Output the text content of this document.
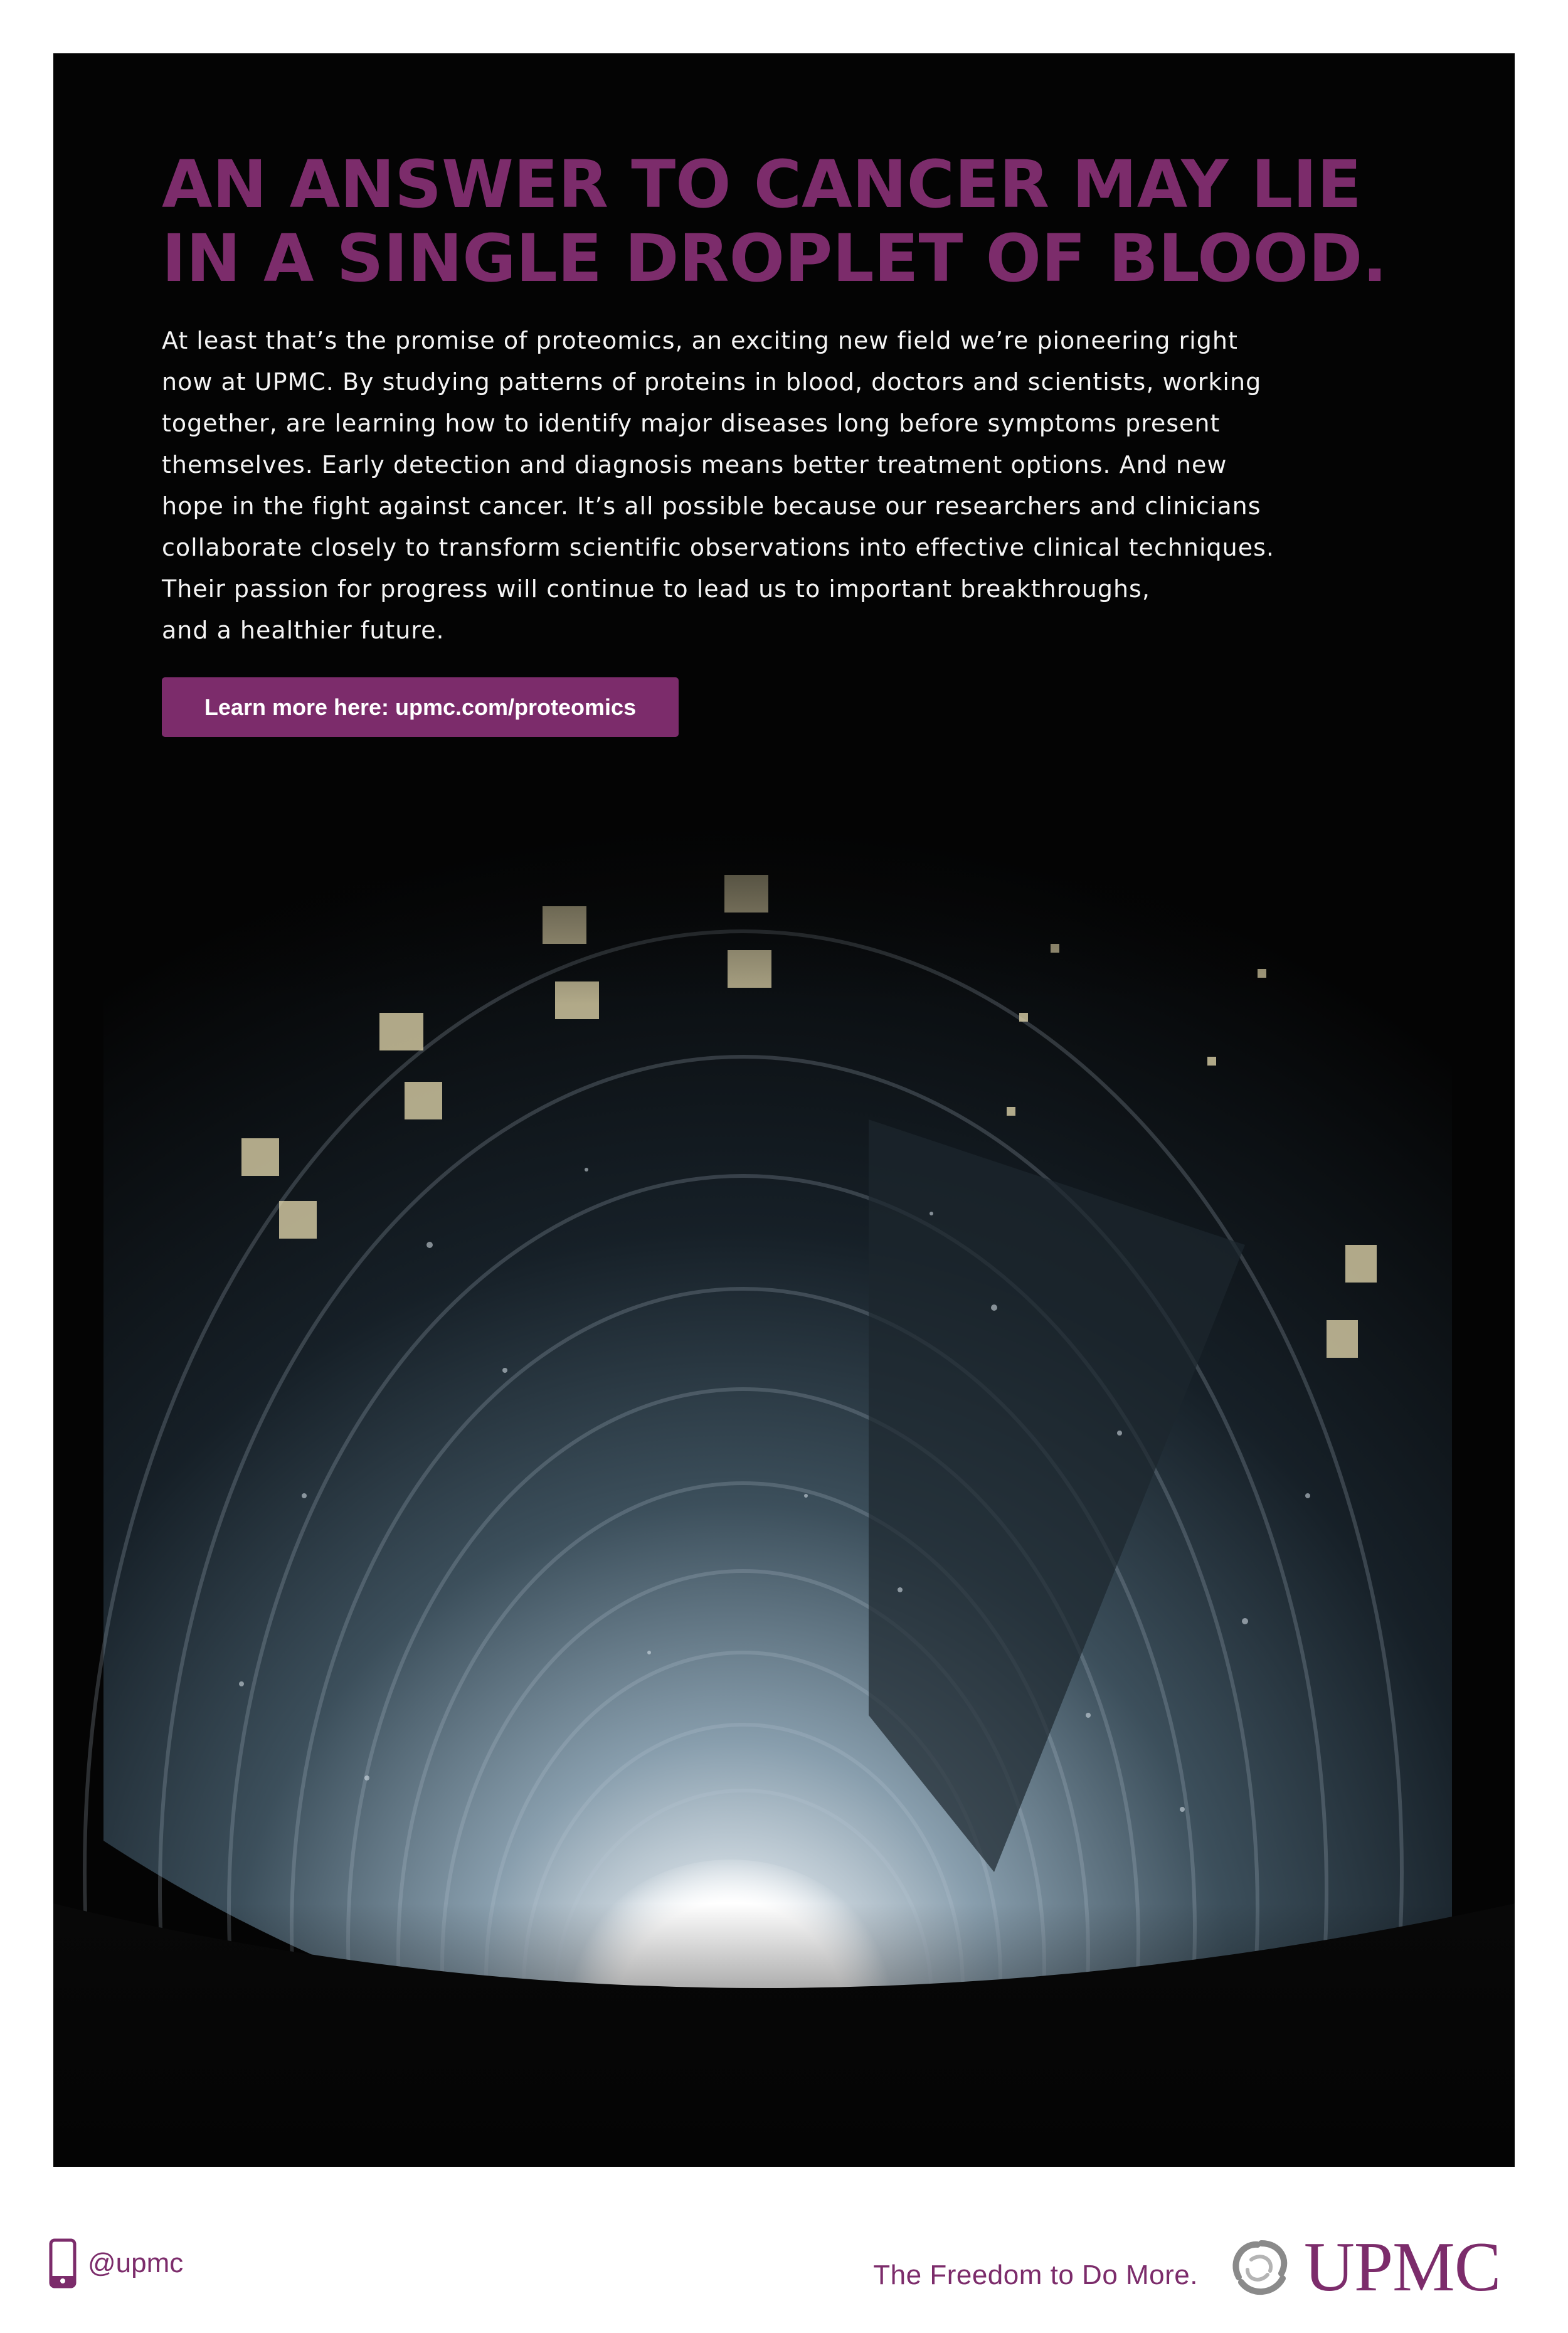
AN ANSWER TO CANCER MAY LIE
IN A SINGLE DROPLET OF BLOOD.

At least that’s the promise of proteomics, an exciting new field we’re pioneering right
now at UPMC. By studying patterns of proteins in blood, doctors and scientists, working
together, are learning how to identify major diseases long before symptoms present
themselves. Early detection and diagnosis means better treatment options. And new
hope in the fight against cancer. It’s all possible because our researchers and clinicians
collaborate closely to transform scientific observations into effective clinical techniques.
Their passion for progress will continue to lead us to important breakthroughs,
and a healthier future.

Learn more here: upmc.com/proteomics
@upmc	The Freedom to Do More. UPMC
